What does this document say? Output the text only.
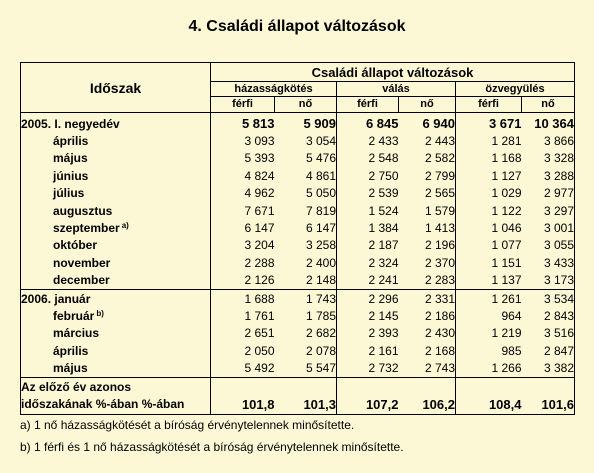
4. Családi állapot változások
Időszak	Családi állapot változások					
	házasságkötés		válás		özvegyülés	
	férfi	nő	férfi	nő	férfi	nő
2005. I. negyedév	5 813	5 909	6 845	6 940	3 671	10 364
április	3 093	3 054	2 433	2 443	1 281	3 866
május	5 393	5 476	2 548	2 582	1 168	3 328
június	4 824	4 861	2 750	2 799	1 127	3 288
július	4 962	5 050	2 539	2 565	1 029	2 977
augusztus	7 671	7 819	1 524	1 579	1 122	3 297
szeptember $^{a)}$	6 147	6 147	1 384	1 413	1 046	3 001
október	3 204	3 258	2 187	2 196	1 077	3 055
november	2 288	2 400	2 324	2 370	1 151	3 433
december	2 126	2 148	2 241	2 283	1 137	3 173
2006. január	1 688	1 743	2 296	2 331	1 261	3 534
február $^{b)}$	1 761	1 785	2 145	2 186	964	2 843
március	2 651	2 682	2 393	2 430	1 219	3 516
április	2 050	2 078	2 161	2 168	985	2 847
május	5 492	5 547	2 732	2 743	1 266	3 382

Az előző év azonos
időszakának %-ában %-ában	101,8	101,3	107,2	106,2	108,4	101,6
a) 1 nő házasságkötését a bíróság érvénytelennek minősítette.
b) 1 férfi és 1 nő házasságkötését a bíróság érvénytelennek minősítette.
